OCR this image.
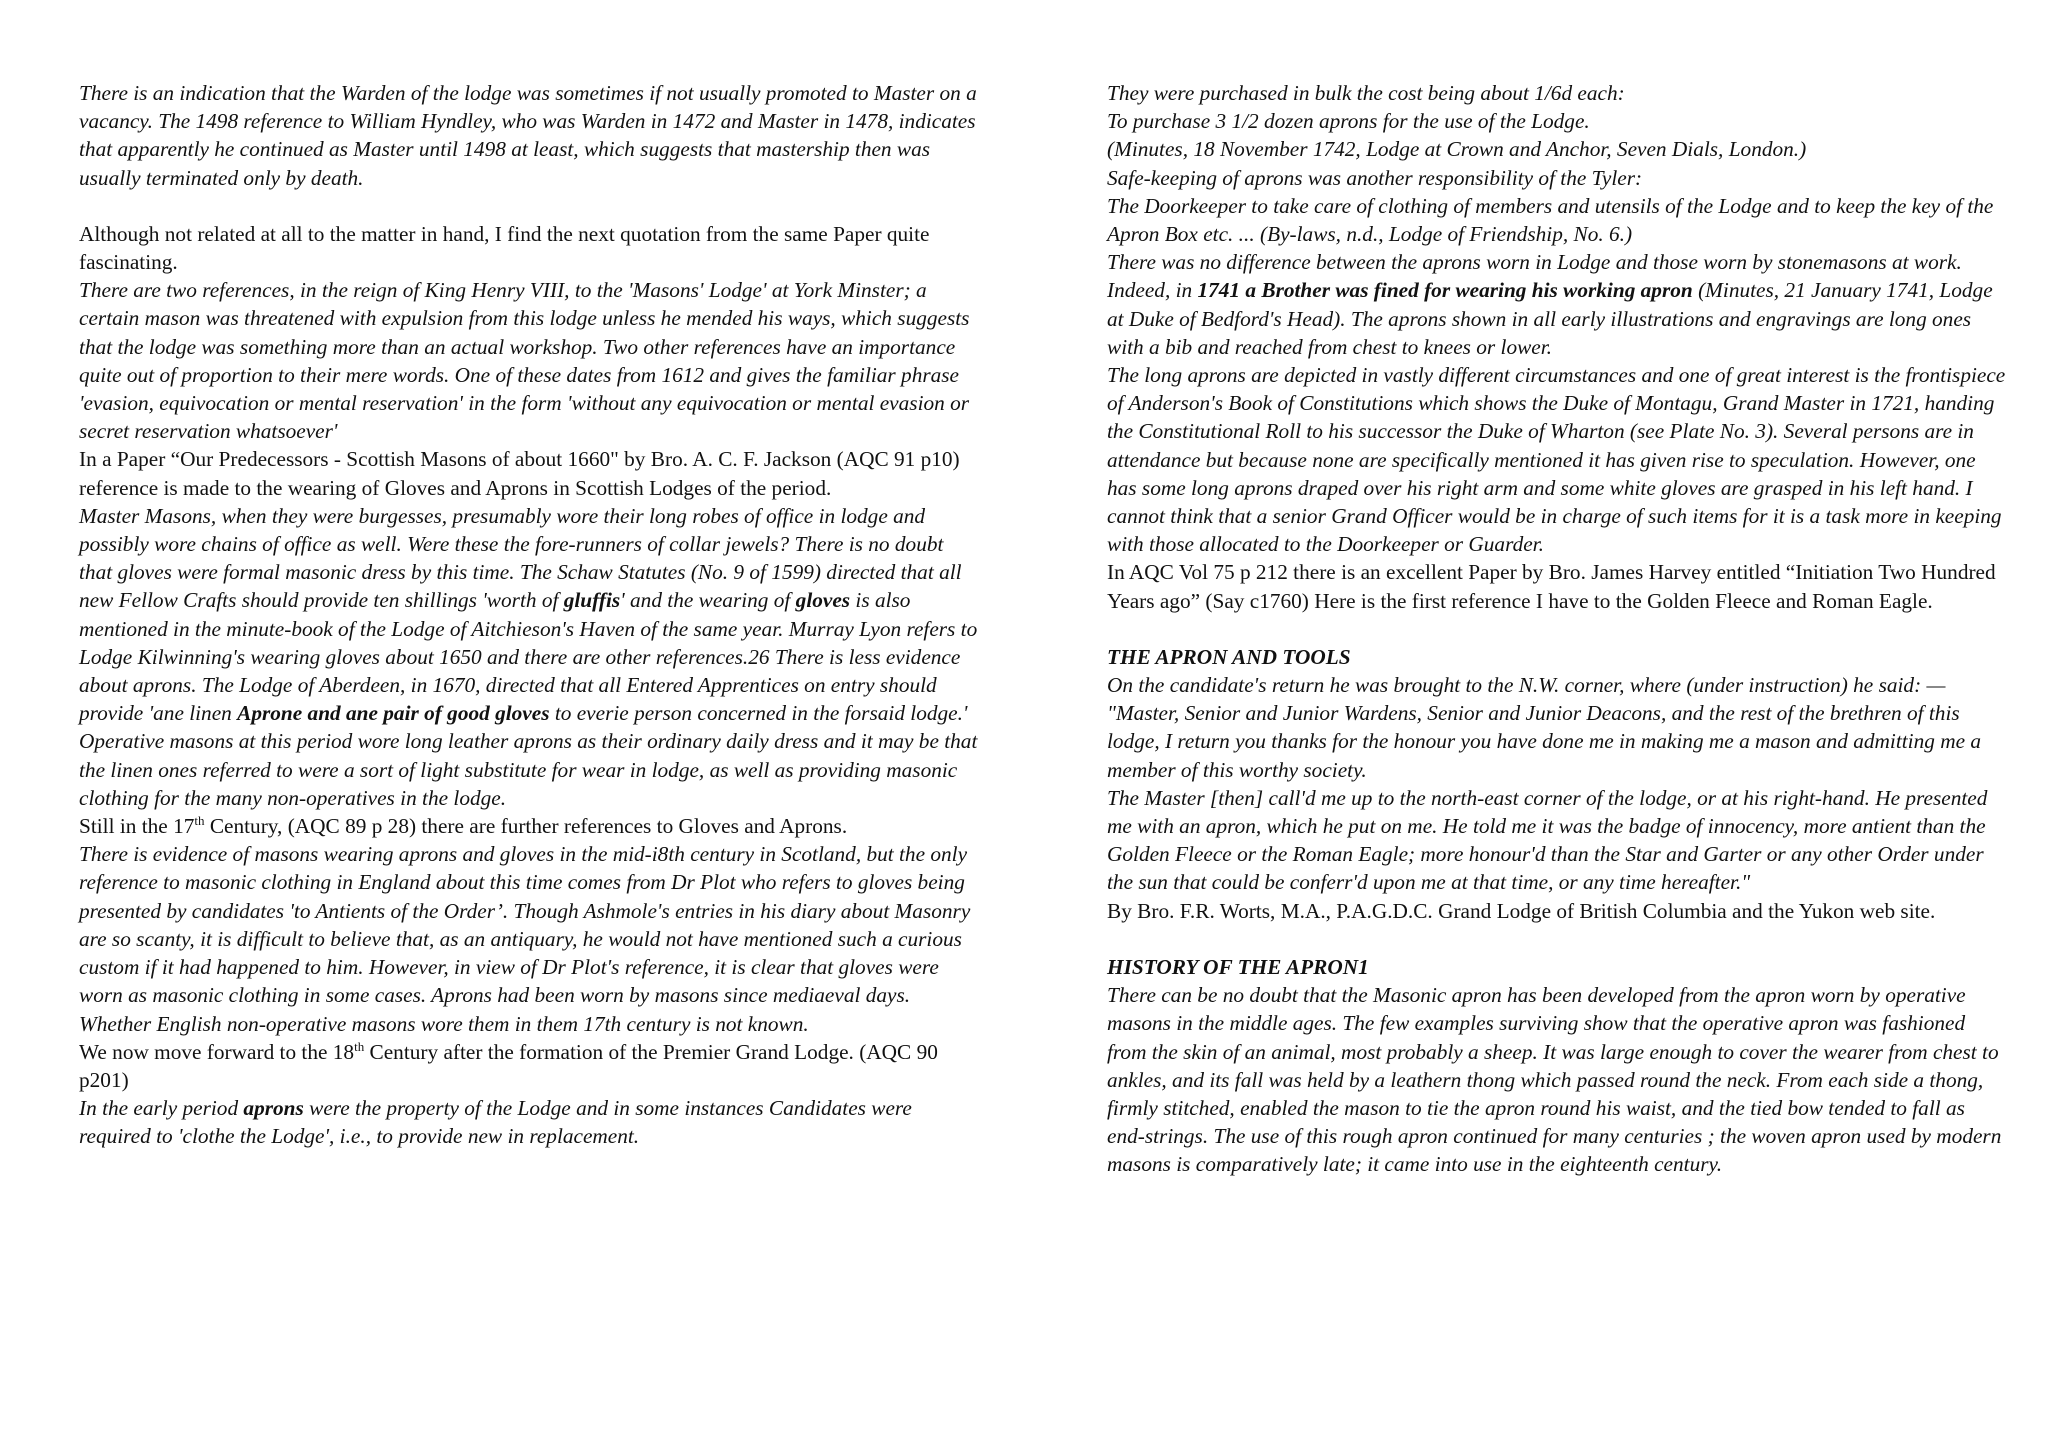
There is an indication that the Warden of the lodge was sometimes if not usually promoted to Master on a vacancy. The 1498 reference to William Hyndley, who was Warden in 1472 and Master in 1478, indicates that apparently he continued as Master until 1498 at least, which suggests that mastership then was usually terminated only by death.

Although not related at all to the matter in hand, I find the next quotation from the same Paper quite fascinating.

There are two references, in the reign of King Henry VIII, to the 'Masons' Lodge' at York Minster; a certain mason was threatened with expulsion from this lodge unless he mended his ways, which suggests that the lodge was something more than an actual workshop. Two other references have an importance quite out of proportion to their mere words. One of these dates from 1612 and gives the familiar phrase 'evasion, equivocation or mental reservation' in the form 'without any equivocation or mental evasion or secret reservation whatsoever'

In a Paper “Our Predecessors - Scottish Masons of about 1660" by Bro. A. C. F. Jackson (AQC 91 p10) reference is made to the wearing of Gloves and Aprons in Scottish Lodges of the period.

Master Masons, when they were burgesses, presumably wore their long robes of office in lodge and possibly wore chains of office as well. Were these the fore-runners of collar jewels? There is no doubt that gloves were formal masonic dress by this time. The Schaw Statutes (No. 9 of 1599) directed that all new Fellow Crafts should provide ten shillings 'worth of gluffis' and the wearing of gloves is also mentioned in the minute-book of the Lodge of Aitchieson's Haven of the same year. Murray Lyon refers to Lodge Kilwinning's wearing gloves about 1650 and there are other references.26 There is less evidence about aprons. The Lodge of Aberdeen, in 1670, directed that all Entered Apprentices on entry should provide 'ane linen Aprone and ane pair of good gloves to everie person concerned in the forsaid lodge.' Operative masons at this period wore long leather aprons as their ordinary daily dress and it may be that the linen ones referred to were a sort of light substitute for wear in lodge, as well as providing masonic clothing for the many non-operatives in the lodge.

Still in the 17th Century, (AQC 89 p 28) there are further references to Gloves and Aprons.

There is evidence of masons wearing aprons and gloves in the mid-i8th century in Scotland, but the only reference to masonic clothing in England about this time comes from Dr Plot who refers to gloves being presented by candidates 'to Antients of the Order’. Though Ashmole's entries in his diary about Masonry are so scanty, it is difficult to believe that, as an antiquary, he would not have mentioned such a curious custom if it had happened to him. However, in view of Dr Plot's reference, it is clear that gloves were worn as masonic clothing in some cases. Aprons had been worn by masons since mediaeval days. Whether English non-operative masons wore them in them 17th century is not known.

We now move forward to the 18th Century after the formation of the Premier Grand Lodge. (AQC 90 p201)

In the early period aprons were the property of the Lodge and in some instances Candidates were required to 'clothe the Lodge', i.e., to provide new in replacement.

They were purchased in bulk the cost being about 1/6d each:

To purchase 3 1/2 dozen aprons for the use of the Lodge.

(Minutes, 18 November 1742, Lodge at Crown and Anchor, Seven Dials, London.)

Safe-keeping of aprons was another responsibility of the Tyler:

The Doorkeeper to take care of clothing of members and utensils of the Lodge and to keep the key of the Apron Box etc. ... (By-laws, n.d., Lodge of Friendship, No. 6.)

There was no difference between the aprons worn in Lodge and those worn by stonemasons at work. Indeed, in 1741 a Brother was fined for wearing his working apron (Minutes, 21 January 1741, Lodge at Duke of Bedford's Head). The aprons shown in all early illustrations and engravings are long ones with a bib and reached from chest to knees or lower.

The long aprons are depicted in vastly different circumstances and one of great interest is the frontispiece of Anderson's Book of Constitutions which shows the Duke of Montagu, Grand Master in 1721, handing the Constitutional Roll to his successor the Duke of Wharton (see Plate No. 3). Several persons are in attendance but because none are specifically mentioned it has given rise to speculation. However, one has some long aprons draped over his right arm and some white gloves are grasped in his left hand. I cannot think that a senior Grand Officer would be in charge of such items for it is a task more in keeping with those allocated to the Doorkeeper or Guarder.

In AQC Vol 75 p 212 there is an excellent Paper by Bro. James Harvey entitled “Initiation Two Hundred Years ago” (Say c1760) Here is the first reference I have to the Golden Fleece and Roman Eagle.

THE APRON AND TOOLS

On the candidate's return he was brought to the N.W. corner, where (under instruction) he said: —

"Master, Senior and Junior Wardens, Senior and Junior Deacons, and the rest of the brethren of this lodge, I return you thanks for the honour you have done me in making me a mason and admitting me a member of this worthy society.

The Master [then] call'd me up to the north-east corner of the lodge, or at his right-hand. He presented me with an apron, which he put on me. He told me it was the badge of innocency, more antient than the Golden Fleece or the Roman Eagle; more honour'd than the Star and Garter or any other Order under the sun that could be conferr'd upon me at that time, or any time hereafter."

By Bro. F.R. Worts, M.A., P.A.G.D.C. Grand Lodge of British Columbia and the Yukon web site.

HISTORY OF THE APRON1

There can be no doubt that the Masonic apron has been developed from the apron worn by operative masons in the middle ages. The few examples surviving show that the operative apron was fashioned from the skin of an animal, most probably a sheep. It was large enough to cover the wearer from chest to ankles, and its fall was held by a leathern thong which passed round the neck. From each side a thong, firmly stitched, enabled the mason to tie the apron round his waist, and the tied bow tended to fall as end-strings. The use of this rough apron continued for many centuries ; the woven apron used by modern masons is comparatively late; it came into use in the eighteenth century.
